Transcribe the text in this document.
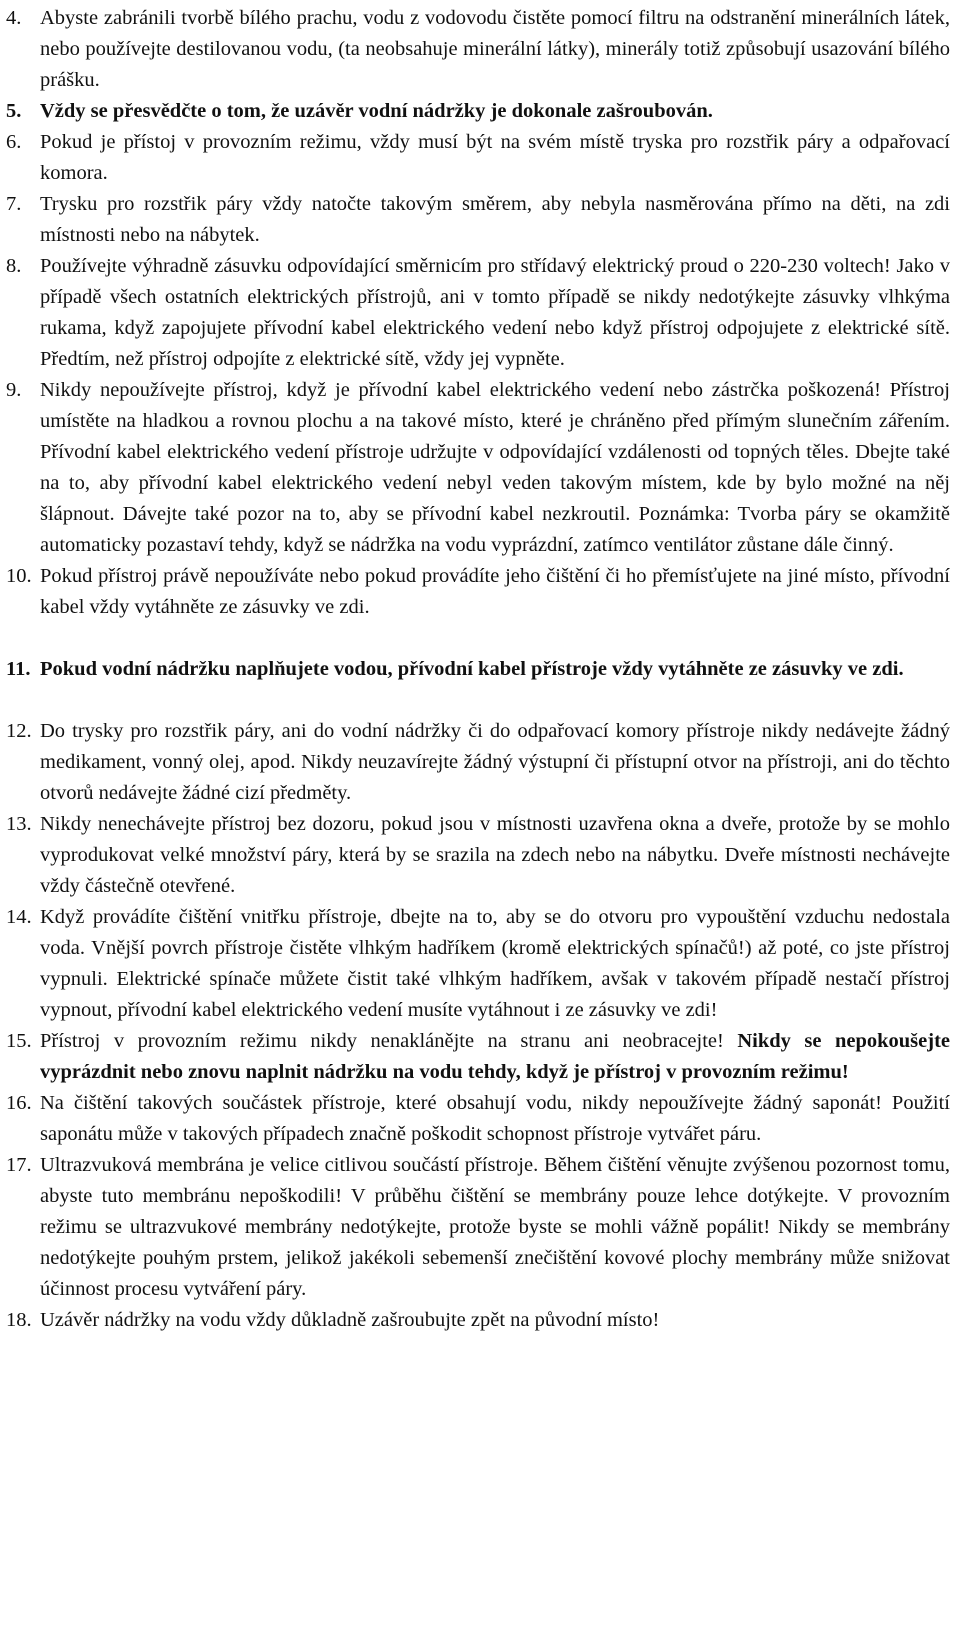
4. Abyste zabránili tvorbě bílého prachu, vodu z vodovodu čistěte pomocí filtru na odstranění minerálních látek, nebo používejte destilovanou vodu, (ta neobsahuje minerální látky), minerály totiž způsobují usazování bílého prášku.
5. Vždy se přesvědčte o tom, že uzávěr vodní nádržky je dokonale zašroubován.
6. Pokud je přístoj v provozním režimu, vždy musí být na svém místě tryska pro rozstřik páry a odpařovací komora.
7. Trysku pro rozstřik páry vždy natočte takovým směrem, aby nebyla nasměrována přímo na děti, na zdi místnosti nebo na nábytek.
8. Používejte výhradně zásuvku odpovídající směrnicím pro střídavý elektrický proud o 220-230 voltech! Jako v případě všech ostatních elektrických přístrojů, ani v tomto případě se nikdy nedotýkejte zásuvky vlhkýma rukama, když zapojujete přívodní kabel elektrického vedení nebo když přístroj odpojujete z elektrické sítě. Předtím, než přístroj odpojíte z elektrické sítě, vždy jej vypněte.
9. Nikdy nepoužívejte přístroj, když je přívodní kabel elektrického vedení nebo zástrčka poškozená! Přístroj umístěte na hladkou a rovnou plochu a na takové místo, které je chráněno před přímým slunečním zářením. Přívodní kabel elektrického vedení přístroje udržujte v odpovídající vzdálenosti od topných těles. Dbejte také na to, aby přívodní kabel elektrického vedení nebyl veden takovým místem, kde by bylo možné na něj šlápnout. Dávejte také pozor na to, aby se přívodní kabel nezkroutil. Poznámka: Tvorba páry se okamžitě automaticky pozastaví tehdy, když se nádržka na vodu vyprázdní, zatímco ventilátor zůstane dále činný.
10. Pokud přístroj právě nepoužíváte nebo pokud provádíte jeho čištění či ho přemísťujete na jiné místo, přívodní kabel vždy vytáhněte ze zásuvky ve zdi.
11. Pokud vodní nádržku naplňujete vodou, přívodní kabel přístroje vždy vytáhněte ze zásuvky ve zdi.
12. Do trysky pro rozstřik páry, ani do vodní nádržky či do odpařovací komory přístroje nikdy nedávejte žádný medikament, vonný olej, apod. Nikdy neuzavírejte žádný výstupní či přístupní otvor na přístroji, ani do těchto otvorů nedávejte žádné cizí předměty.
13. Nikdy nenechávejte přístroj bez dozoru, pokud jsou v místnosti uzavřena okna a dveře, protože by se mohlo vyprodukovat velké množství páry, která by se srazila na zdech nebo na nábytku. Dveře místnosti nechávejte vždy částečně otevřené.
14. Když provádíte čištění vnitřku přístroje, dbejte na to, aby se do otvoru pro vypouštění vzduchu nedostala voda. Vnější povrch přístroje čistěte vlhkým hadříkem (kromě elektrických spínačů!) až poté, co jste přístroj vypnuli. Elektrické spínače můžete čistit také vlhkým hadříkem, avšak v takovém případě nestačí přístroj vypnout, přívodní kabel elektrického vedení musíte vytáhnout i ze zásuvky ve zdi!
15. Přístroj v provozním režimu nikdy nenaklánějte na stranu ani neobracejte! Nikdy se nepokoušejte vyprázdnit nebo znovu naplnit nádržku na vodu tehdy, když je přístroj v provozním režimu!
16. Na čištění takových součástek přístroje, které obsahují vodu, nikdy nepoužívejte žádný saponát! Použití saponátu může v takových případech značně poškodit schopnost přístroje vytvářet páru.
17. Ultrazvuková membrána je velice citlivou součástí přístroje. Během čištění věnujte zvýšenou pozornost tomu, abyste tuto membránu nepoškodili! V průběhu čištění se membrány pouze lehce dotýkejte. V provozním režimu se ultrazvukové membrány nedotýkejte, protože byste se mohli vážně popálit! Nikdy se membrány nedotýkejte pouhým prstem, jelikož jakékoli sebemenší znečištění kovové plochy membrány může snižovat účinnost procesu vytváření páry.
18. Uzávěr nádržky na vodu vždy důkladně zašroubujte zpět na původní místo!
